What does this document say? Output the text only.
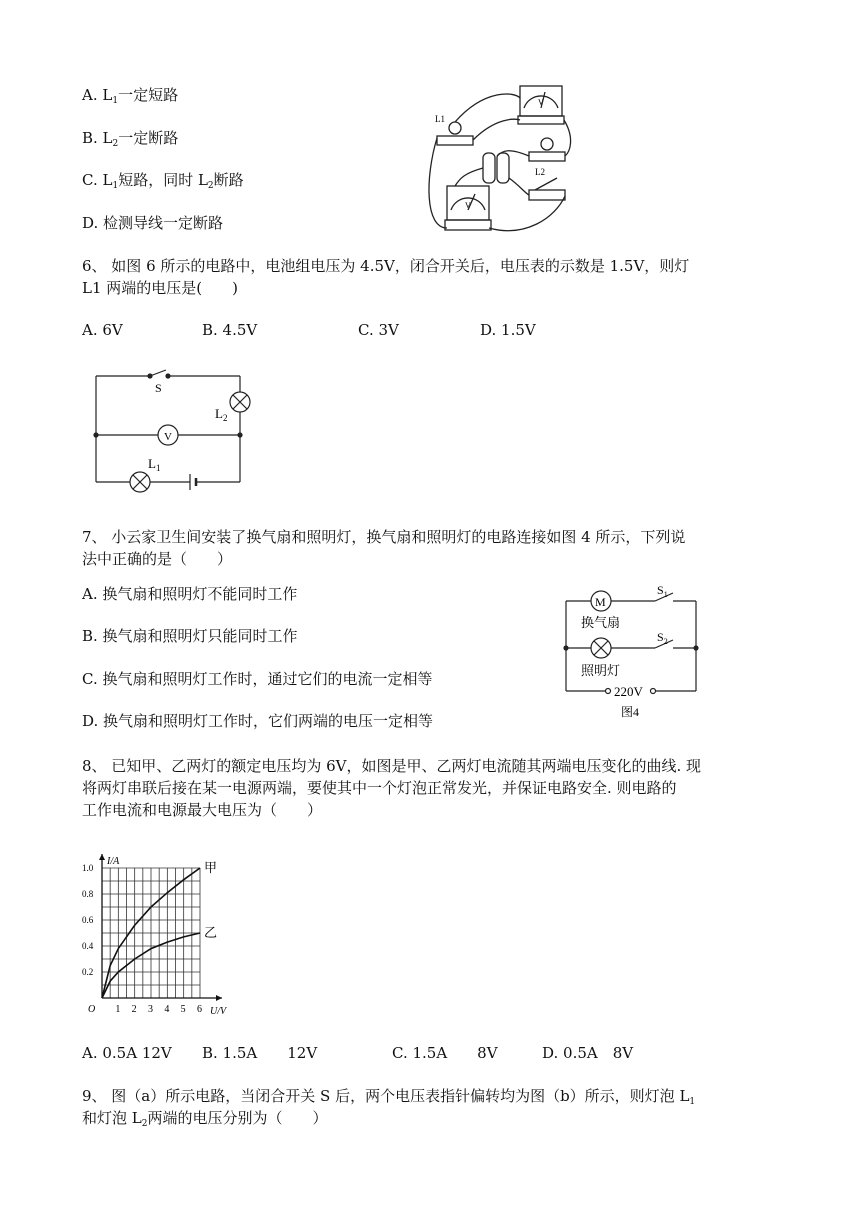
A. $L_1$一定短路
B. $L_2$一定断路
C. $L_1$短路，同时 $L_2$断路
D. 检测导线一定断路
L1
L2
V
V
6、 如图 6 所示的电路中，电池组电压为 4.5V，闭合开关后，电压表的示数是 1.5V，则灯
L1 两端的电压是(　　)
A. 6V	B. 4.5V	C. 3V	D. 1.5V
S
$L_2$
V
$L_1$
7、 小云家卫生间安装了换气扇和照明灯，换气扇和照明灯的电路连接如图 4 所示，下列说
法中正确的是（　　）
A. 换气扇和照明灯不能同时工作
B. 换气扇和照明灯只能同时工作
C. 换气扇和照明灯工作时，通过它们的电流一定相等
D. 换气扇和照明灯工作时，它们两端的电压一定相等
M
换气扇
照明灯
$S_1$
$S_2$
220V
图4
8、 已知甲、乙两灯的额定电压均为 6V，如图是甲、乙两灯电流随其两端电压变化的曲线. 现
将两灯串联后接在某一电源两端，要使其中一个灯泡正常发光，并保证电路安全. 则电路的
工作电流和电源最大电压为（　　）
1 2 3 4 5 6
0.2
0.4
0.6
0.8
1.0
O	U/V
I/A	甲
乙
A. 0.5A 12V B. 1.5A　　12V	C. 1.5A　　8V	D. 0.5A　8V
9、 图（a）所示电路，当闭合开关 S 后，两个电压表指针偏转均为图（b）所示，则灯泡 $L_1$
和灯泡 $L_2$两端的电压分别为（　　）
